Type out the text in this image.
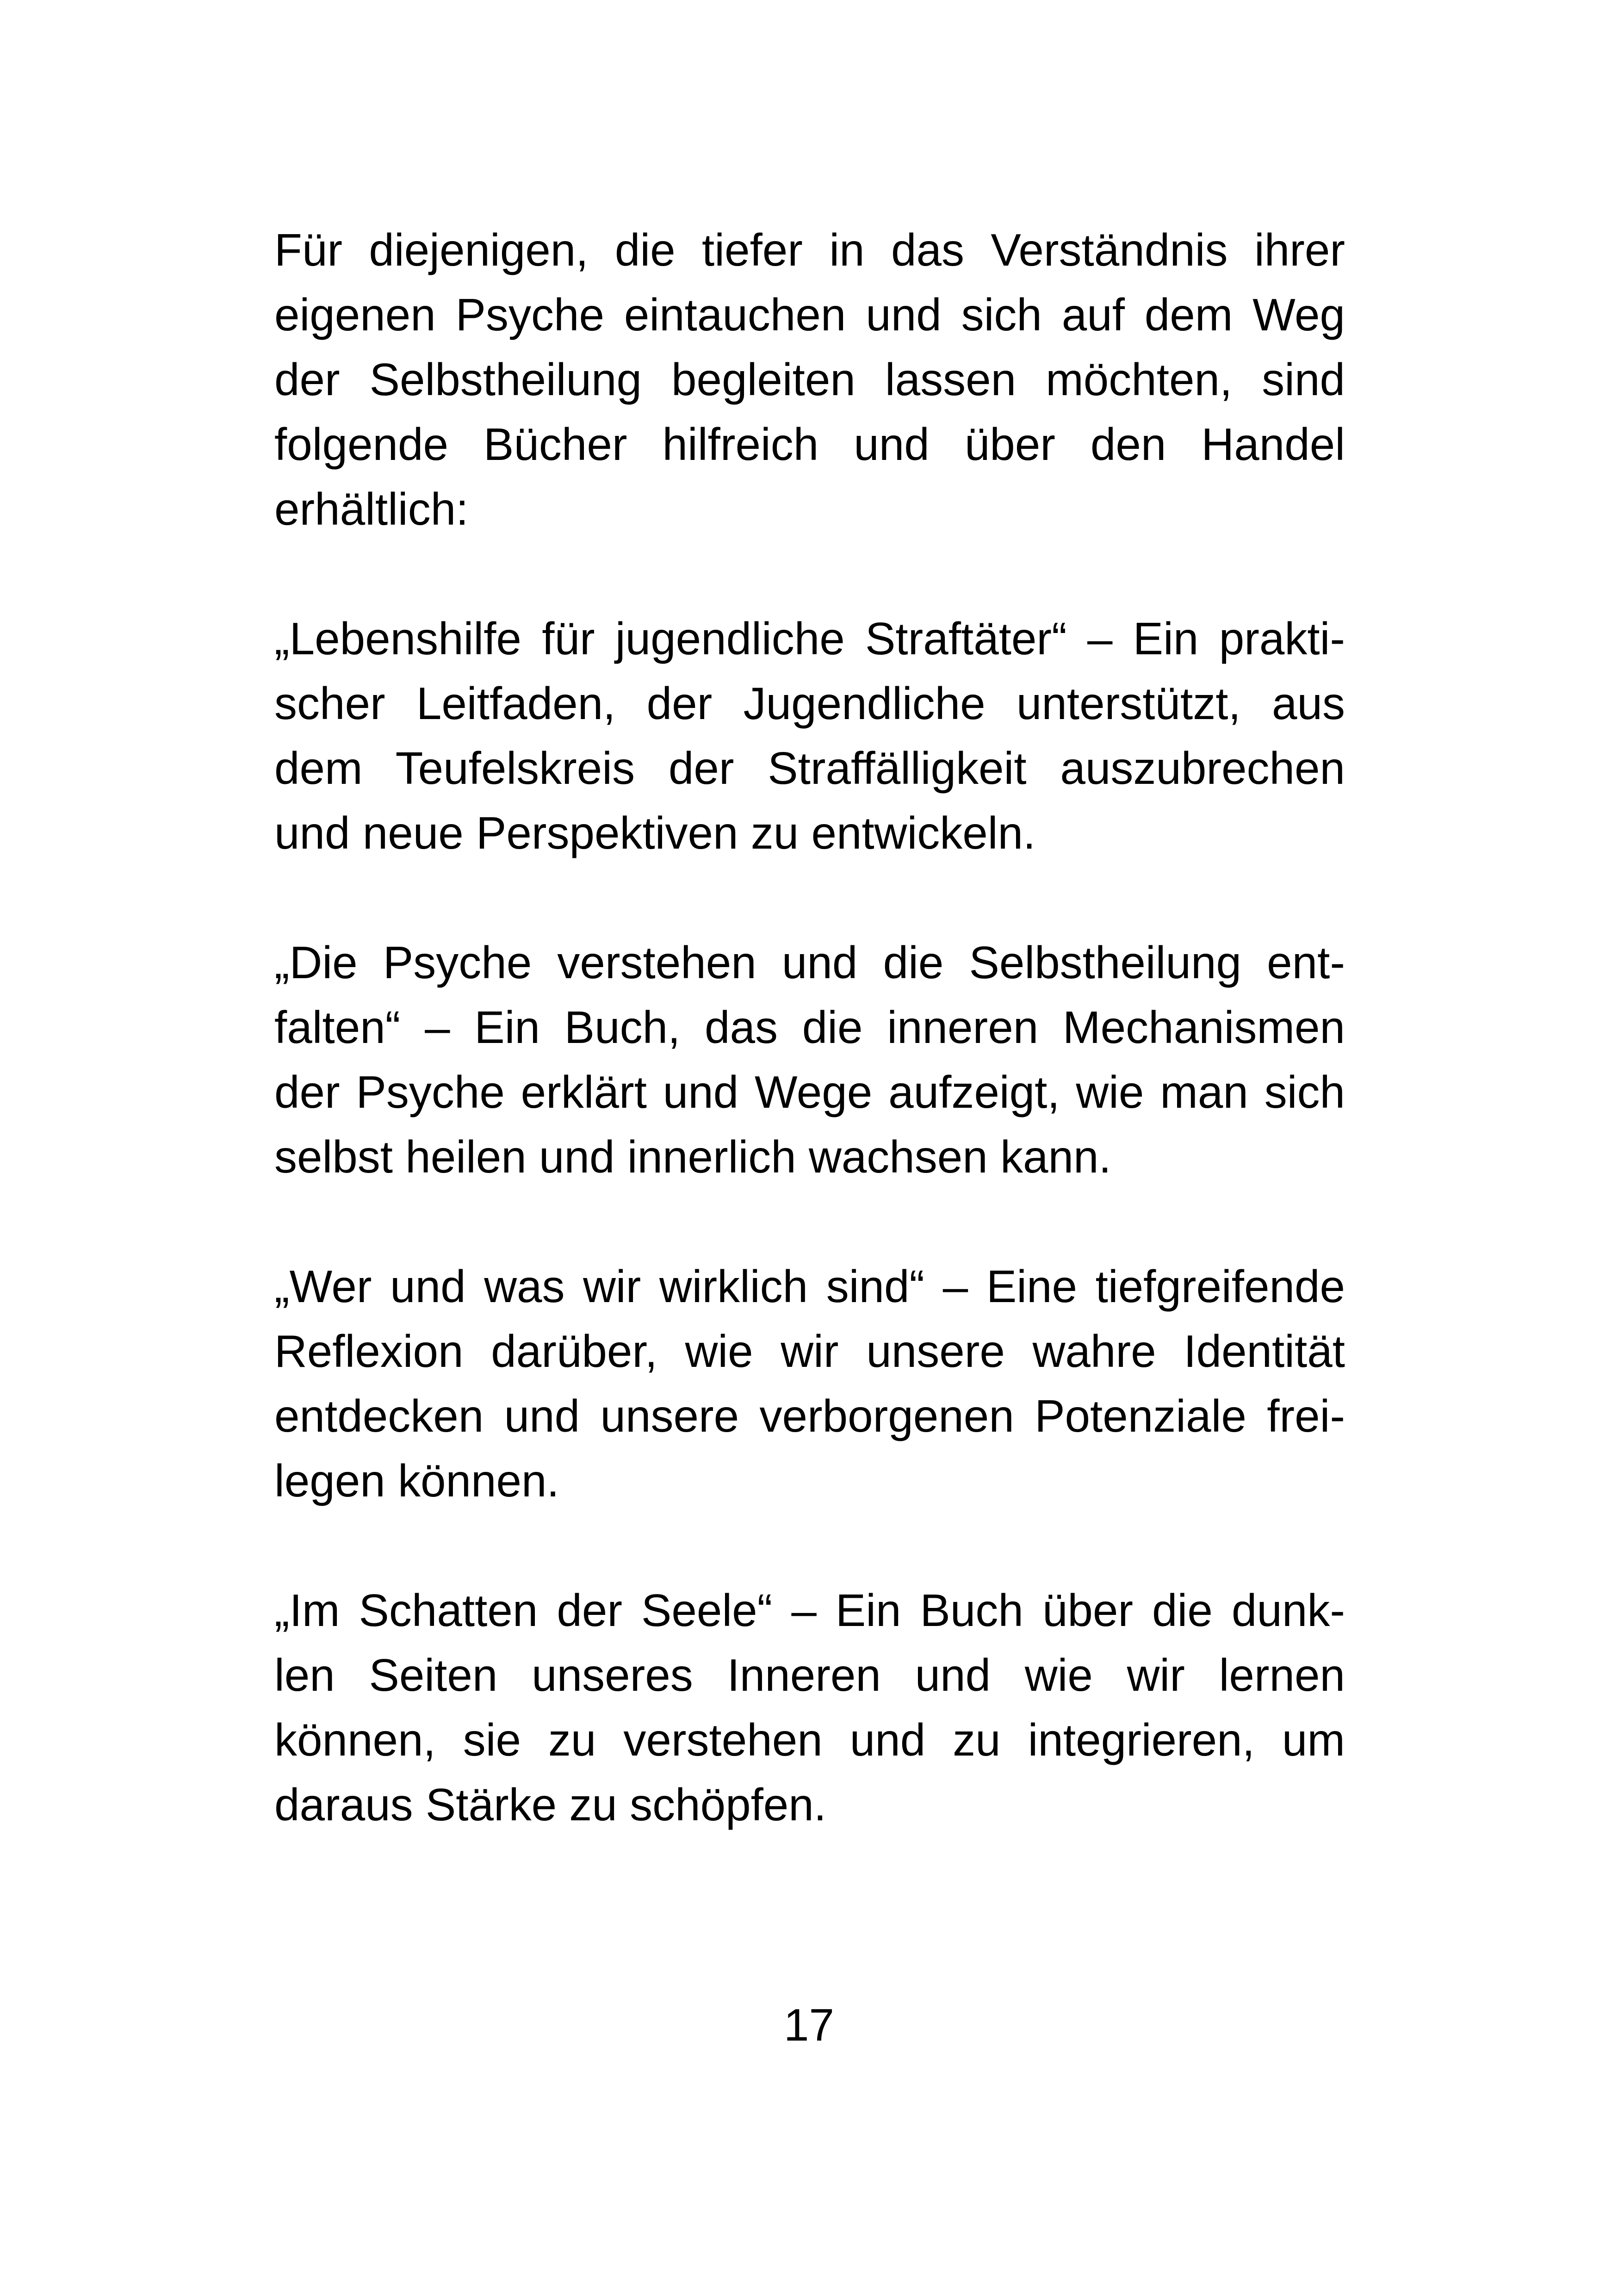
Für diejenigen, die tiefer in das Verständnis ihrer
eigenen Psyche eintauchen und sich auf dem Weg
der Selbstheilung begleiten lassen möchten, sind
folgende Bücher hilfreich und über den Handel
erhältlich:

„Lebenshilfe für jugendliche Straftäter“ – Ein prakti-
scher Leitfaden, der Jugendliche unterstützt, aus
dem Teufelskreis der Straffälligkeit auszubrechen
und neue Perspektiven zu entwickeln.

„Die Psyche verstehen und die Selbstheilung ent-
falten“ – Ein Buch, das die inneren Mechanismen
der Psyche erklärt und Wege aufzeigt, wie man sich
selbst heilen und innerlich wachsen kann.

„Wer und was wir wirklich sind“ – Eine tiefgreifende
Reflexion darüber, wie wir unsere wahre Identität
entdecken und unsere verborgenen Potenziale frei-
legen können.

„Im Schatten der Seele“ – Ein Buch über die dunk-
len Seiten unseres Inneren und wie wir lernen
können, sie zu verstehen und zu integrieren, um
daraus Stärke zu schöpfen.

17
